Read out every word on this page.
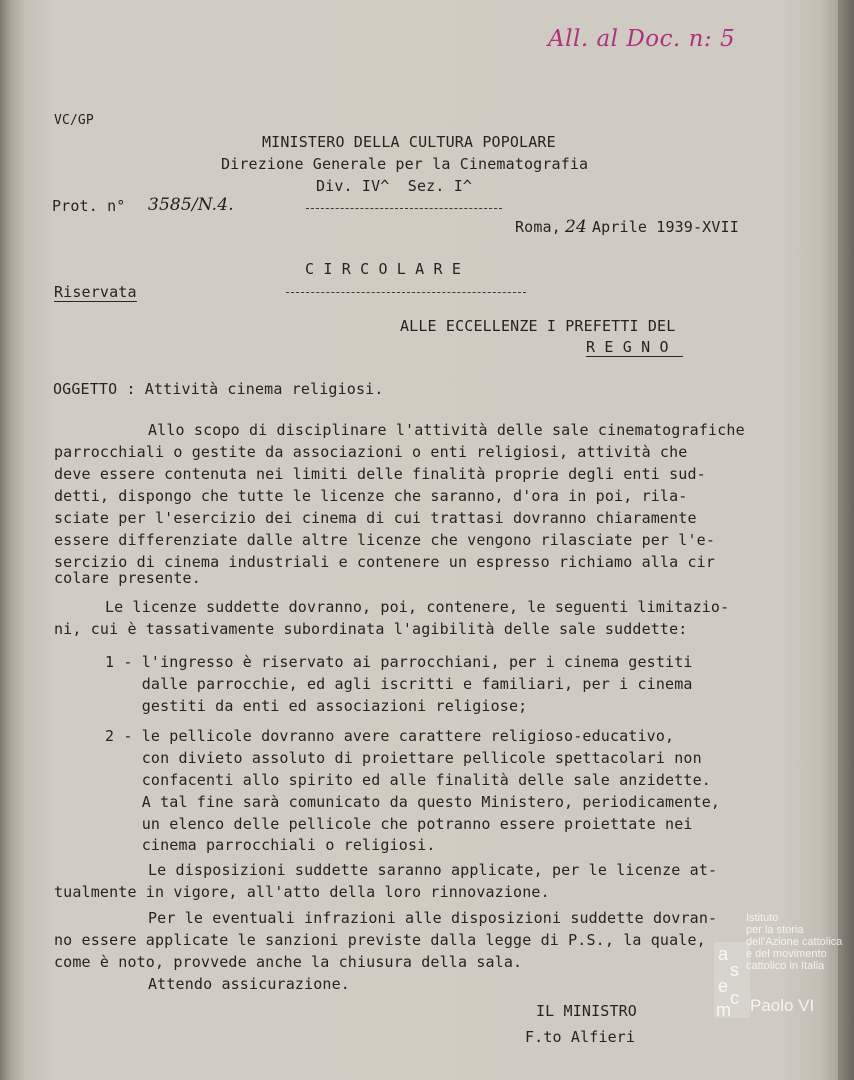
All. al Doc. n: 5
VC/GP
MINISTERO DELLA CULTURA POPOLARE
Direzione Generale per la Cinematografia
Div. IV^  Sez. I^
Prot. n° 3585/N.4.
Roma, 24 Aprile 1939-XVII
C I R C O L A R E
Riservata
ALLE ECCELLENZE I PREFETTI DEL
R E G N O
OGGETTO : Attività cinema religiosi.
Allo scopo di disciplinare l'attività delle sale cinematografiche
parrocchiali o gestite da associazioni o enti religiosi, attività che
deve essere contenuta nei limiti delle finalità proprie degli enti sud-
detti, dispongo che tutte le licenze che saranno, d'ora in poi, rila-
sciate per l'esercizio dei cinema di cui trattasi dovranno chiaramente
essere differenziate dalle altre licenze che vengono rilasciate per l'e-
sercizio di cinema industriali e contenere un espresso richiamo alla cir
colare presente.
Le licenze suddette dovranno, poi, contenere, le seguenti limitazio-
ni, cui è tassativamente subordinata l'agibilità delle sale suddette:
1 - l'ingresso è riservato ai parrocchiani, per i cinema gestiti
dalle parrocchie, ed agli iscritti e familiari, per i cinema
gestiti da enti ed associazioni religiose;
2 - le pellicole dovranno avere carattere religioso-educativo,
con divieto assoluto di proiettare pellicole spettacolari non
confacenti allo spirito ed alle finalità delle sale anzidette.
A tal fine sarà comunicato da questo Ministero, periodicamente,
un elenco delle pellicole che potranno essere proiettate nei
cinema parrocchiali o religiosi.
Le disposizioni suddette saranno applicate, per le licenze at-
tualmente in vigore, all'atto della loro rinnovazione.
Per le eventuali infrazioni alle disposizioni suddette dovran-
no essere applicate le sanzioni previste dalla legge di P.S., la quale,
come è noto, provvede anche la chiusura della sala.
Attendo assicurazione.
IL MINISTRO
F.to Alfieri
a
s
e
c
m
Istituto
per la storia
dell'Azione cattolica
e del movimento
cattolico in Italia
Paolo VI
